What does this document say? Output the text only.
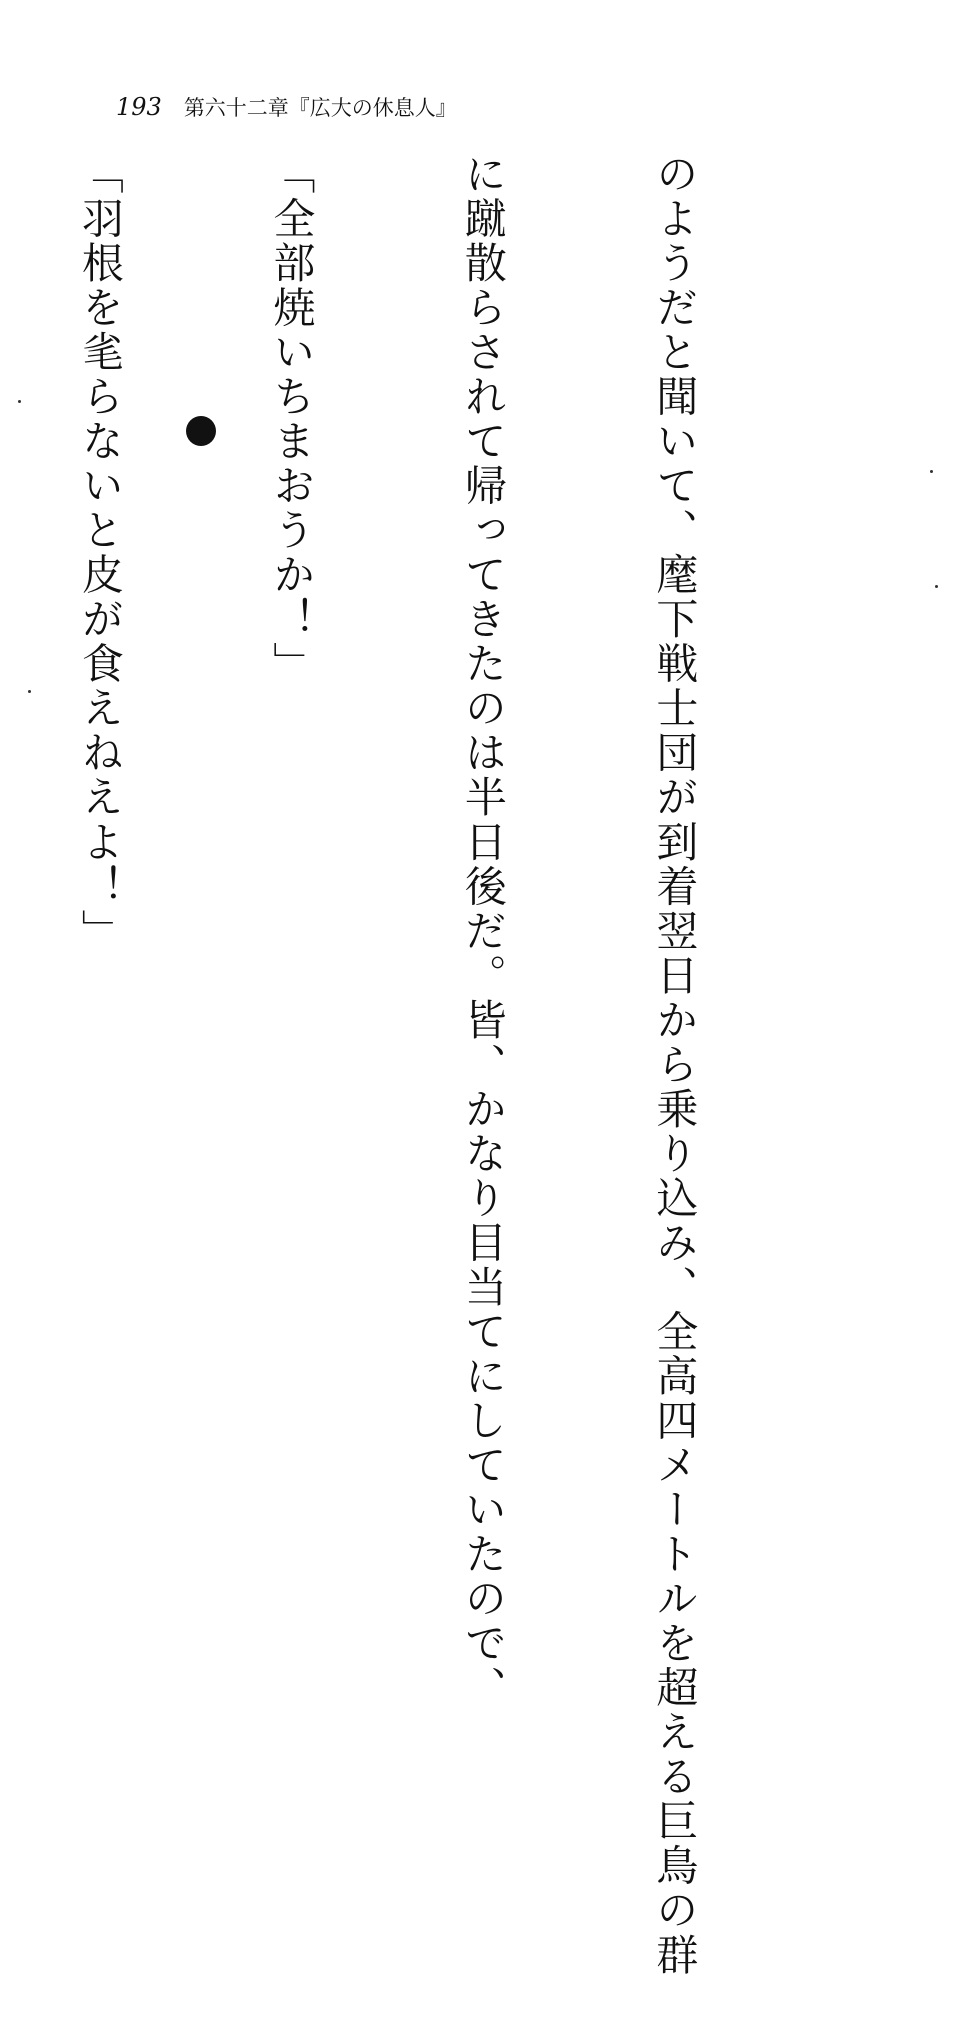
193 第六十二章『広大の休息人』

のようだと聞いて、麾下戦士団が到着翌日から乗り込み、全高四メートルを超える巨鳥の群

に蹴散らされて帰ってきたのは半日後だ。皆、かなり目当てにしていたので、

「全部焼いちまおうか！」

「羽根を毟らないと皮が食えねえよ！」
